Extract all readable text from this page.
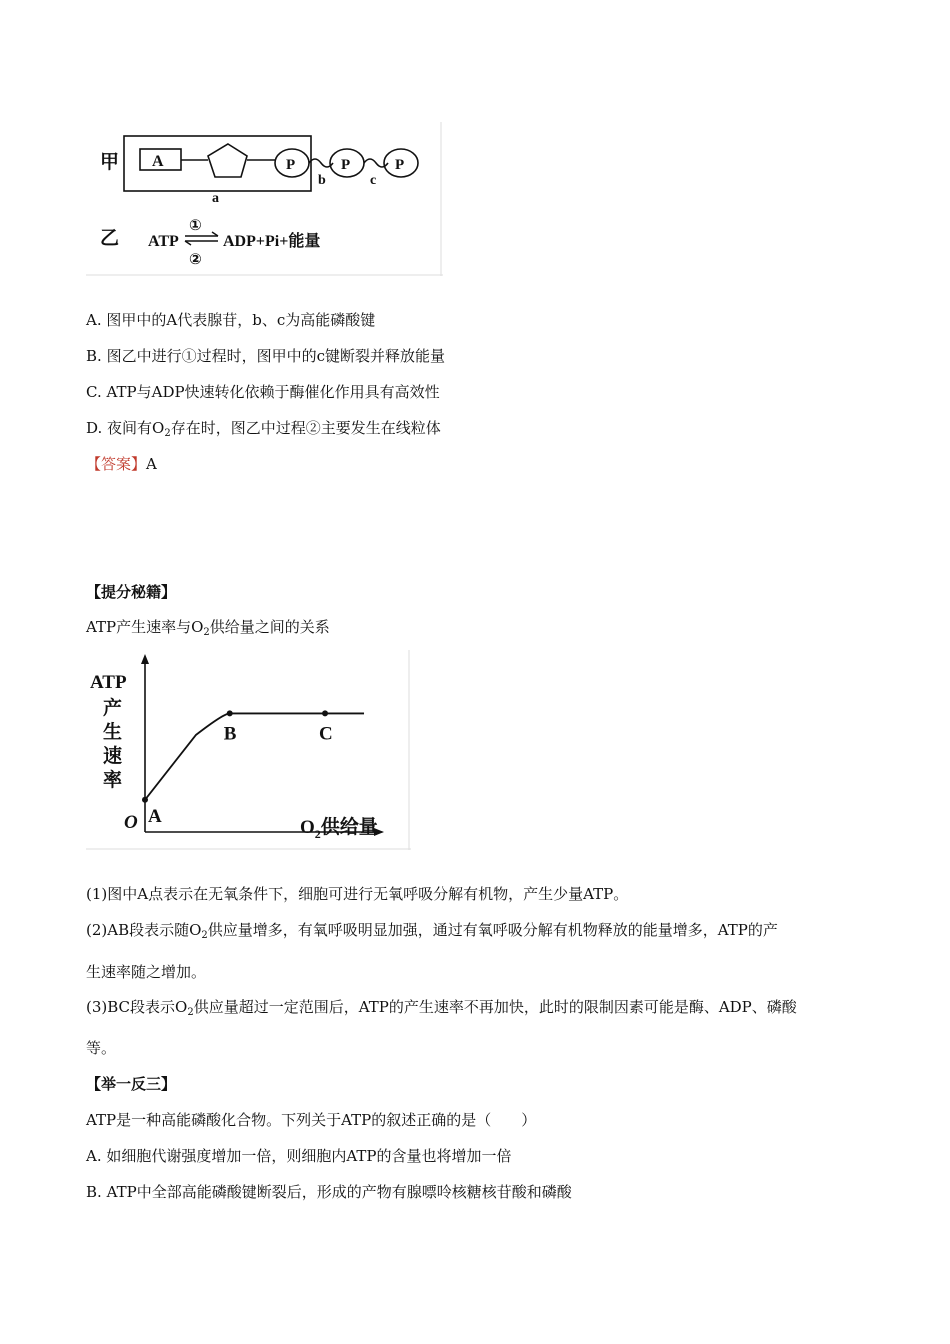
甲 A	P	P	P
a
b	c
乙 ATP
①
②
ADP+Pi+能量
A. 图甲中的A代表腺苷，b、c为高能磷酸键
B. 图乙中进行①过程时，图甲中的c键断裂并释放能量
C. ATP与ADP快速转化依赖于酶催化作用具有高效性
D. 夜间有$O_2$存在时，图乙中过程②主要发生在线粒体
【答案】A
【提分秘籍】
ATP产生速率与$O_2$供给量之间的关系
ATP
产
生
速
率
O	$O_2$供给量
A
B	C
(1)图中A点表示在无氧条件下，细胞可进行无氧呼吸分解有机物，产生少量ATP。
(2)AB段表示随$O_2$供应量增多，有氧呼吸明显加强，通过有氧呼吸分解有机物释放的能量增多，ATP的产
生速率随之增加。
(3)BC段表示$O_2$供应量超过一定范围后，ATP的产生速率不再加快，此时的限制因素可能是酶、ADP、磷酸
等。
【举一反三】
ATP是一种高能磷酸化合物。下列关于ATP的叙述正确的是（　　）
A. 如细胞代谢强度增加一倍，则细胞内ATP的含量也将增加一倍
B. ATP中全部高能磷酸键断裂后，形成的产物有腺嘌呤核糖核苷酸和磷酸
